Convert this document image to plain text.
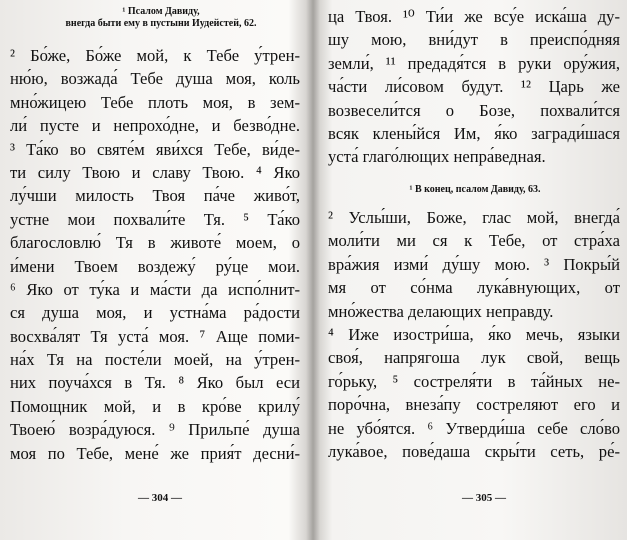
¹ Псалом Давиду,
внегда быти ему в пустыни Иудейстей, 62.
² Бо́же, Бо́же мой, к Тебе у́трен-
ню́ю, возжада́ Тебе душа моя, коль
мно́жицею Тебе плоть моя, в зем-
ли́ пусте и непрохо́дне, и безво́дне.
³ Та́ко во святе́м яви́хся Тебе, ви́де-
ти силу Твою и славу Твою. ⁴ Яко
лу́чши милость Твоя па́че живо́т,
устне мои похвали́те Тя. ⁵ Та́ко
благословлю́ Тя в животе́ моем, о
и́мени Твоем воздежу́ ру́це мои.
⁶ Яко от ту́ка и ма́сти да испо́лнит-
ся душа моя, и устна́ма ра́дости
восхва́лят Тя уста́ моя. ⁷ Аще поми-
на́х Тя на посте́ли моей, на у́трен-
них поуча́хся в Тя. ⁸ Яко был еси
Помощник мой, и в кро́ве крилу́
Твоею́ возра́дуюся. ⁹ Прильпе́ душа
моя по Тебе, мене́ же прия́т десни́-
— 304 —
ца Твоя. ¹⁰ Ти́и же всу́е иска́ша ду-
шу мою, вни́дут в преиспо́дняя
земли́, ¹¹ предадя́тся в руки ору́жия,
ча́сти ли́совом будут. ¹² Царь же
возвесели́тся о Бозе, похвали́тся
вcяк клены́йся Им, я́ко загради́шася
уста́ глаго́лющих непра́ведная.
¹ В конец, псалом Давиду, 63.
² Услы́ши, Боже, глас мой, внегда́
моли́ти ми ся к Тебе, от стра́ха
вра́жия изми́ ду́шу мою. ³ Покры́й
мя от со́нма лука́внующих, от
мно́жества делающих неправду.
⁴ Иже изостри́ша, я́ко мечь, языки
своя́, напрягоша лук свой, вещь
го́рьку, ⁵ состреля́ти в та́йных не-
поро́чна, внеза́пу состреляют его и
не убо́ятся. ⁶ Утверди́ша себе сло́во
лука́вое, пове́даша скры́ти сеть, ре́-
— 305 —
